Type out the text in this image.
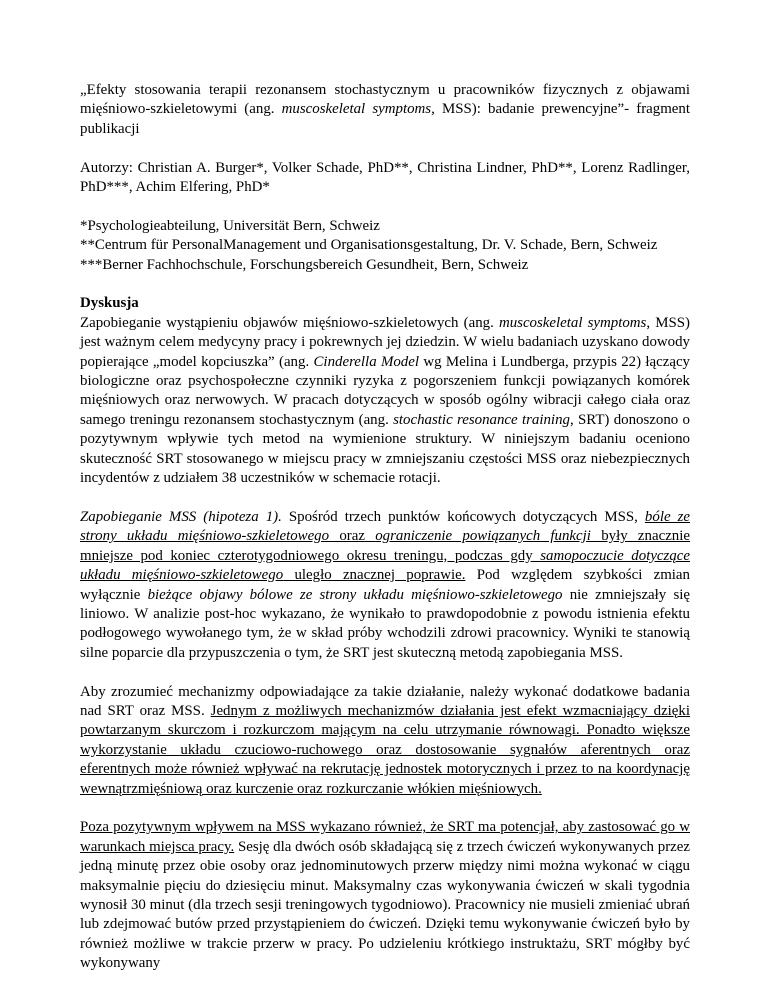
„Efekty stosowania terapii rezonansem stochastycznym u pracowników fizycznych z objawami mięśniowo-szkieletowymi (ang. muscoskeletal symptoms, MSS): badanie prewencyjne”- fragment publikacji

Autorzy: Christian A. Burger*, Volker Schade, PhD**, Christina Lindner, PhD**, Lorenz Radlinger, PhD***, Achim Elfering, PhD*

*Psychologieabteilung, Universität Bern, Schweiz

**Centrum für PersonalManagement und Organisationsgestaltung, Dr. V. Schade, Bern, Schweiz

***Berner Fachhochschule, Forschungsbereich Gesundheit, Bern, Schweiz

Dyskusja

Zapobieganie wystąpieniu objawów mięśniowo-szkieletowych (ang. muscoskeletal symptoms, MSS) jest ważnym celem medycyny pracy i pokrewnych jej dziedzin. W wielu badaniach uzyskano dowody popierające „model kopciuszka” (ang. Cinderella Model wg Melina i Lundberga, przypis 22) łączący biologiczne oraz psychospołeczne czynniki ryzyka z pogorszeniem funkcji powiązanych komórek mięśniowych oraz nerwowych. W pracach dotyczących w sposób ogólny wibracji całego ciała oraz samego treningu rezonansem stochastycznym (ang. stochastic resonance training, SRT) donoszono o pozytywnym wpływie tych metod na wymienione struktury. W niniejszym badaniu oceniono skuteczność SRT stosowanego w miejscu pracy w zmniejszaniu częstości MSS oraz niebezpiecznych incydentów z udziałem 38 uczestników w schemacie rotacji.

Zapobieganie MSS (hipoteza 1). Spośród trzech punktów końcowych dotyczących MSS, bóle ze strony układu mięśniowo-szkieletowego oraz ograniczenie powiązanych funkcji były znacznie mniejsze pod koniec czterotygodniowego okresu treningu, podczas gdy samopoczucie dotyczące układu mięśniowo-szkieletowego uległo znacznej poprawie. Pod względem szybkości zmian wyłącznie bieżące objawy bólowe ze strony układu mięśniowo-szkieletowego nie zmniejszały się liniowo. W analizie post-hoc wykazano, że wynikało to prawdopodobnie z powodu istnienia efektu podłogowego wywołanego tym, że w skład próby wchodzili zdrowi pracownicy. Wyniki te stanowią silne poparcie dla przypuszczenia o tym, że SRT jest skuteczną metodą zapobiegania MSS.

Aby zrozumieć mechanizmy odpowiadające za takie działanie, należy wykonać dodatkowe badania nad SRT oraz MSS. Jednym z możliwych mechanizmów działania jest efekt wzmacniający dzięki powtarzanym skurczom i rozkurczom mającym na celu utrzymanie równowagi. Ponadto większe wykorzystanie układu czuciowo-ruchowego oraz dostosowanie sygnałów aferentnych oraz eferentnych może również wpływać na rekrutację jednostek motorycznych i przez to na koordynację wewnątrzmięśniową oraz kurczenie oraz rozkurczanie włókien mięśniowych.

Poza pozytywnym wpływem na MSS wykazano również, że SRT ma potencjał, aby zastosować go w warunkach miejsca pracy. Sesję dla dwóch osób składającą się z trzech ćwiczeń wykonywanych przez jedną minutę przez obie osoby oraz jednominutowych przerw między nimi można wykonać w ciągu maksymalnie pięciu do dziesięciu minut. Maksymalny czas wykonywania ćwiczeń w skali tygodnia wynosił 30 minut (dla trzech sesji treningowych tygodniowo). Pracownicy nie musieli zmieniać ubrań lub zdejmować butów przed przystąpieniem do ćwiczeń. Dzięki temu wykonywanie ćwiczeń było by również możliwe w trakcie przerw w pracy. Po udzieleniu krótkiego instruktażu, SRT mógłby być wykonywany
